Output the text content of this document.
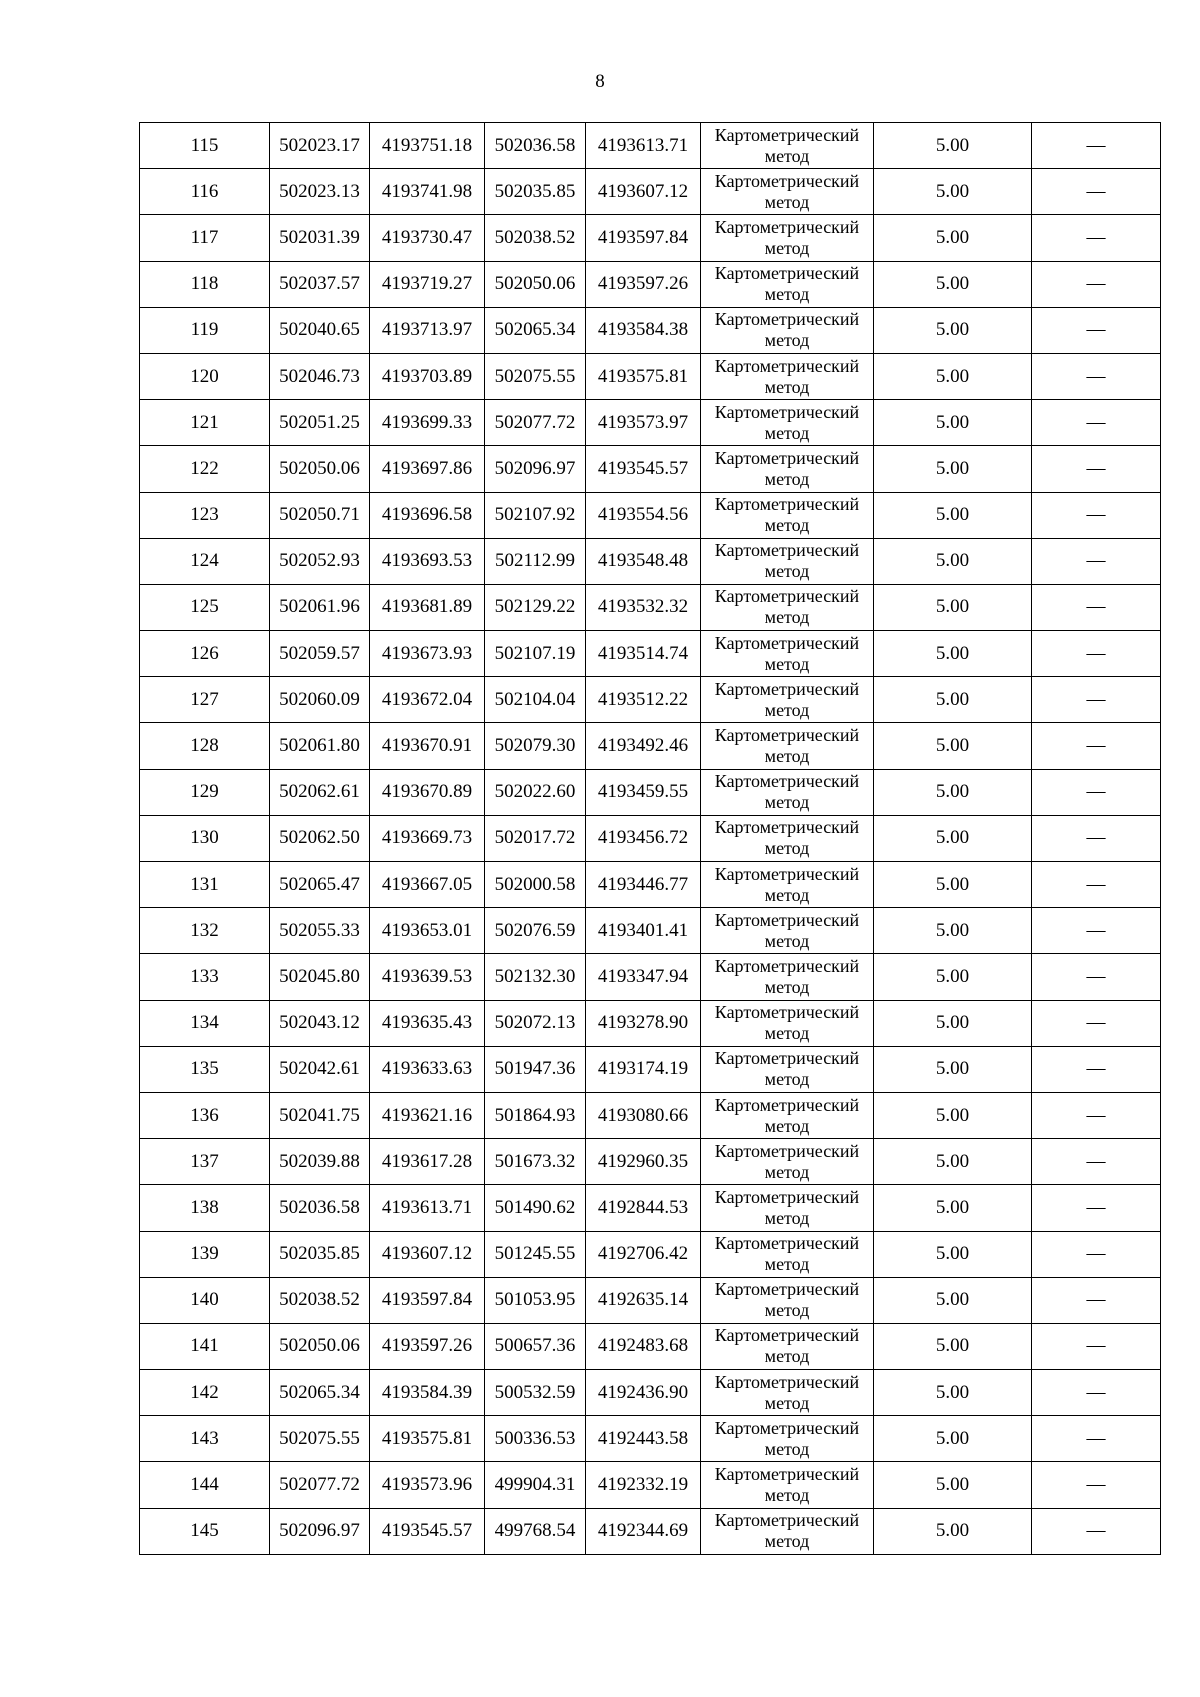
8
115	502023.17	4193751.18	502036.58	4193613.71	Картометрический метод	5.00	—
116	502023.13	4193741.98	502035.85	4193607.12	Картометрический метод	5.00	—
117	502031.39	4193730.47	502038.52	4193597.84	Картометрический метод	5.00	—
118	502037.57	4193719.27	502050.06	4193597.26	Картометрический метод	5.00	—
119	502040.65	4193713.97	502065.34	4193584.38	Картометрический метод	5.00	—
120	502046.73	4193703.89	502075.55	4193575.81	Картометрический метод	5.00	—
121	502051.25	4193699.33	502077.72	4193573.97	Картометрический метод	5.00	—
122	502050.06	4193697.86	502096.97	4193545.57	Картометрический метод	5.00	—
123	502050.71	4193696.58	502107.92	4193554.56	Картометрический метод	5.00	—
124	502052.93	4193693.53	502112.99	4193548.48	Картометрический метод	5.00	—
125	502061.96	4193681.89	502129.22	4193532.32	Картометрический метод	5.00	—
126	502059.57	4193673.93	502107.19	4193514.74	Картометрический метод	5.00	—
127	502060.09	4193672.04	502104.04	4193512.22	Картометрический метод	5.00	—
128	502061.80	4193670.91	502079.30	4193492.46	Картометрический метод	5.00	—
129	502062.61	4193670.89	502022.60	4193459.55	Картометрический метод	5.00	—
130	502062.50	4193669.73	502017.72	4193456.72	Картометрический метод	5.00	—
131	502065.47	4193667.05	502000.58	4193446.77	Картометрический метод	5.00	—
132	502055.33	4193653.01	502076.59	4193401.41	Картометрический метод	5.00	—
133	502045.80	4193639.53	502132.30	4193347.94	Картометрический метод	5.00	—
134	502043.12	4193635.43	502072.13	4193278.90	Картометрический метод	5.00	—
135	502042.61	4193633.63	501947.36	4193174.19	Картометрический метод	5.00	—
136	502041.75	4193621.16	501864.93	4193080.66	Картометрический метод	5.00	—
137	502039.88	4193617.28	501673.32	4192960.35	Картометрический метод	5.00	—
138	502036.58	4193613.71	501490.62	4192844.53	Картометрический метод	5.00	—
139	502035.85	4193607.12	501245.55	4192706.42	Картометрический метод	5.00	—
140	502038.52	4193597.84	501053.95	4192635.14	Картометрический метод	5.00	—
141	502050.06	4193597.26	500657.36	4192483.68	Картометрический метод	5.00	—
142	502065.34	4193584.39	500532.59	4192436.90	Картометрический метод	5.00	—
143	502075.55	4193575.81	500336.53	4192443.58	Картометрический метод	5.00	—
144	502077.72	4193573.96	499904.31	4192332.19	Картометрический метод	5.00	—
145	502096.97	4193545.57	499768.54	4192344.69	Картометрический метод	5.00	—
